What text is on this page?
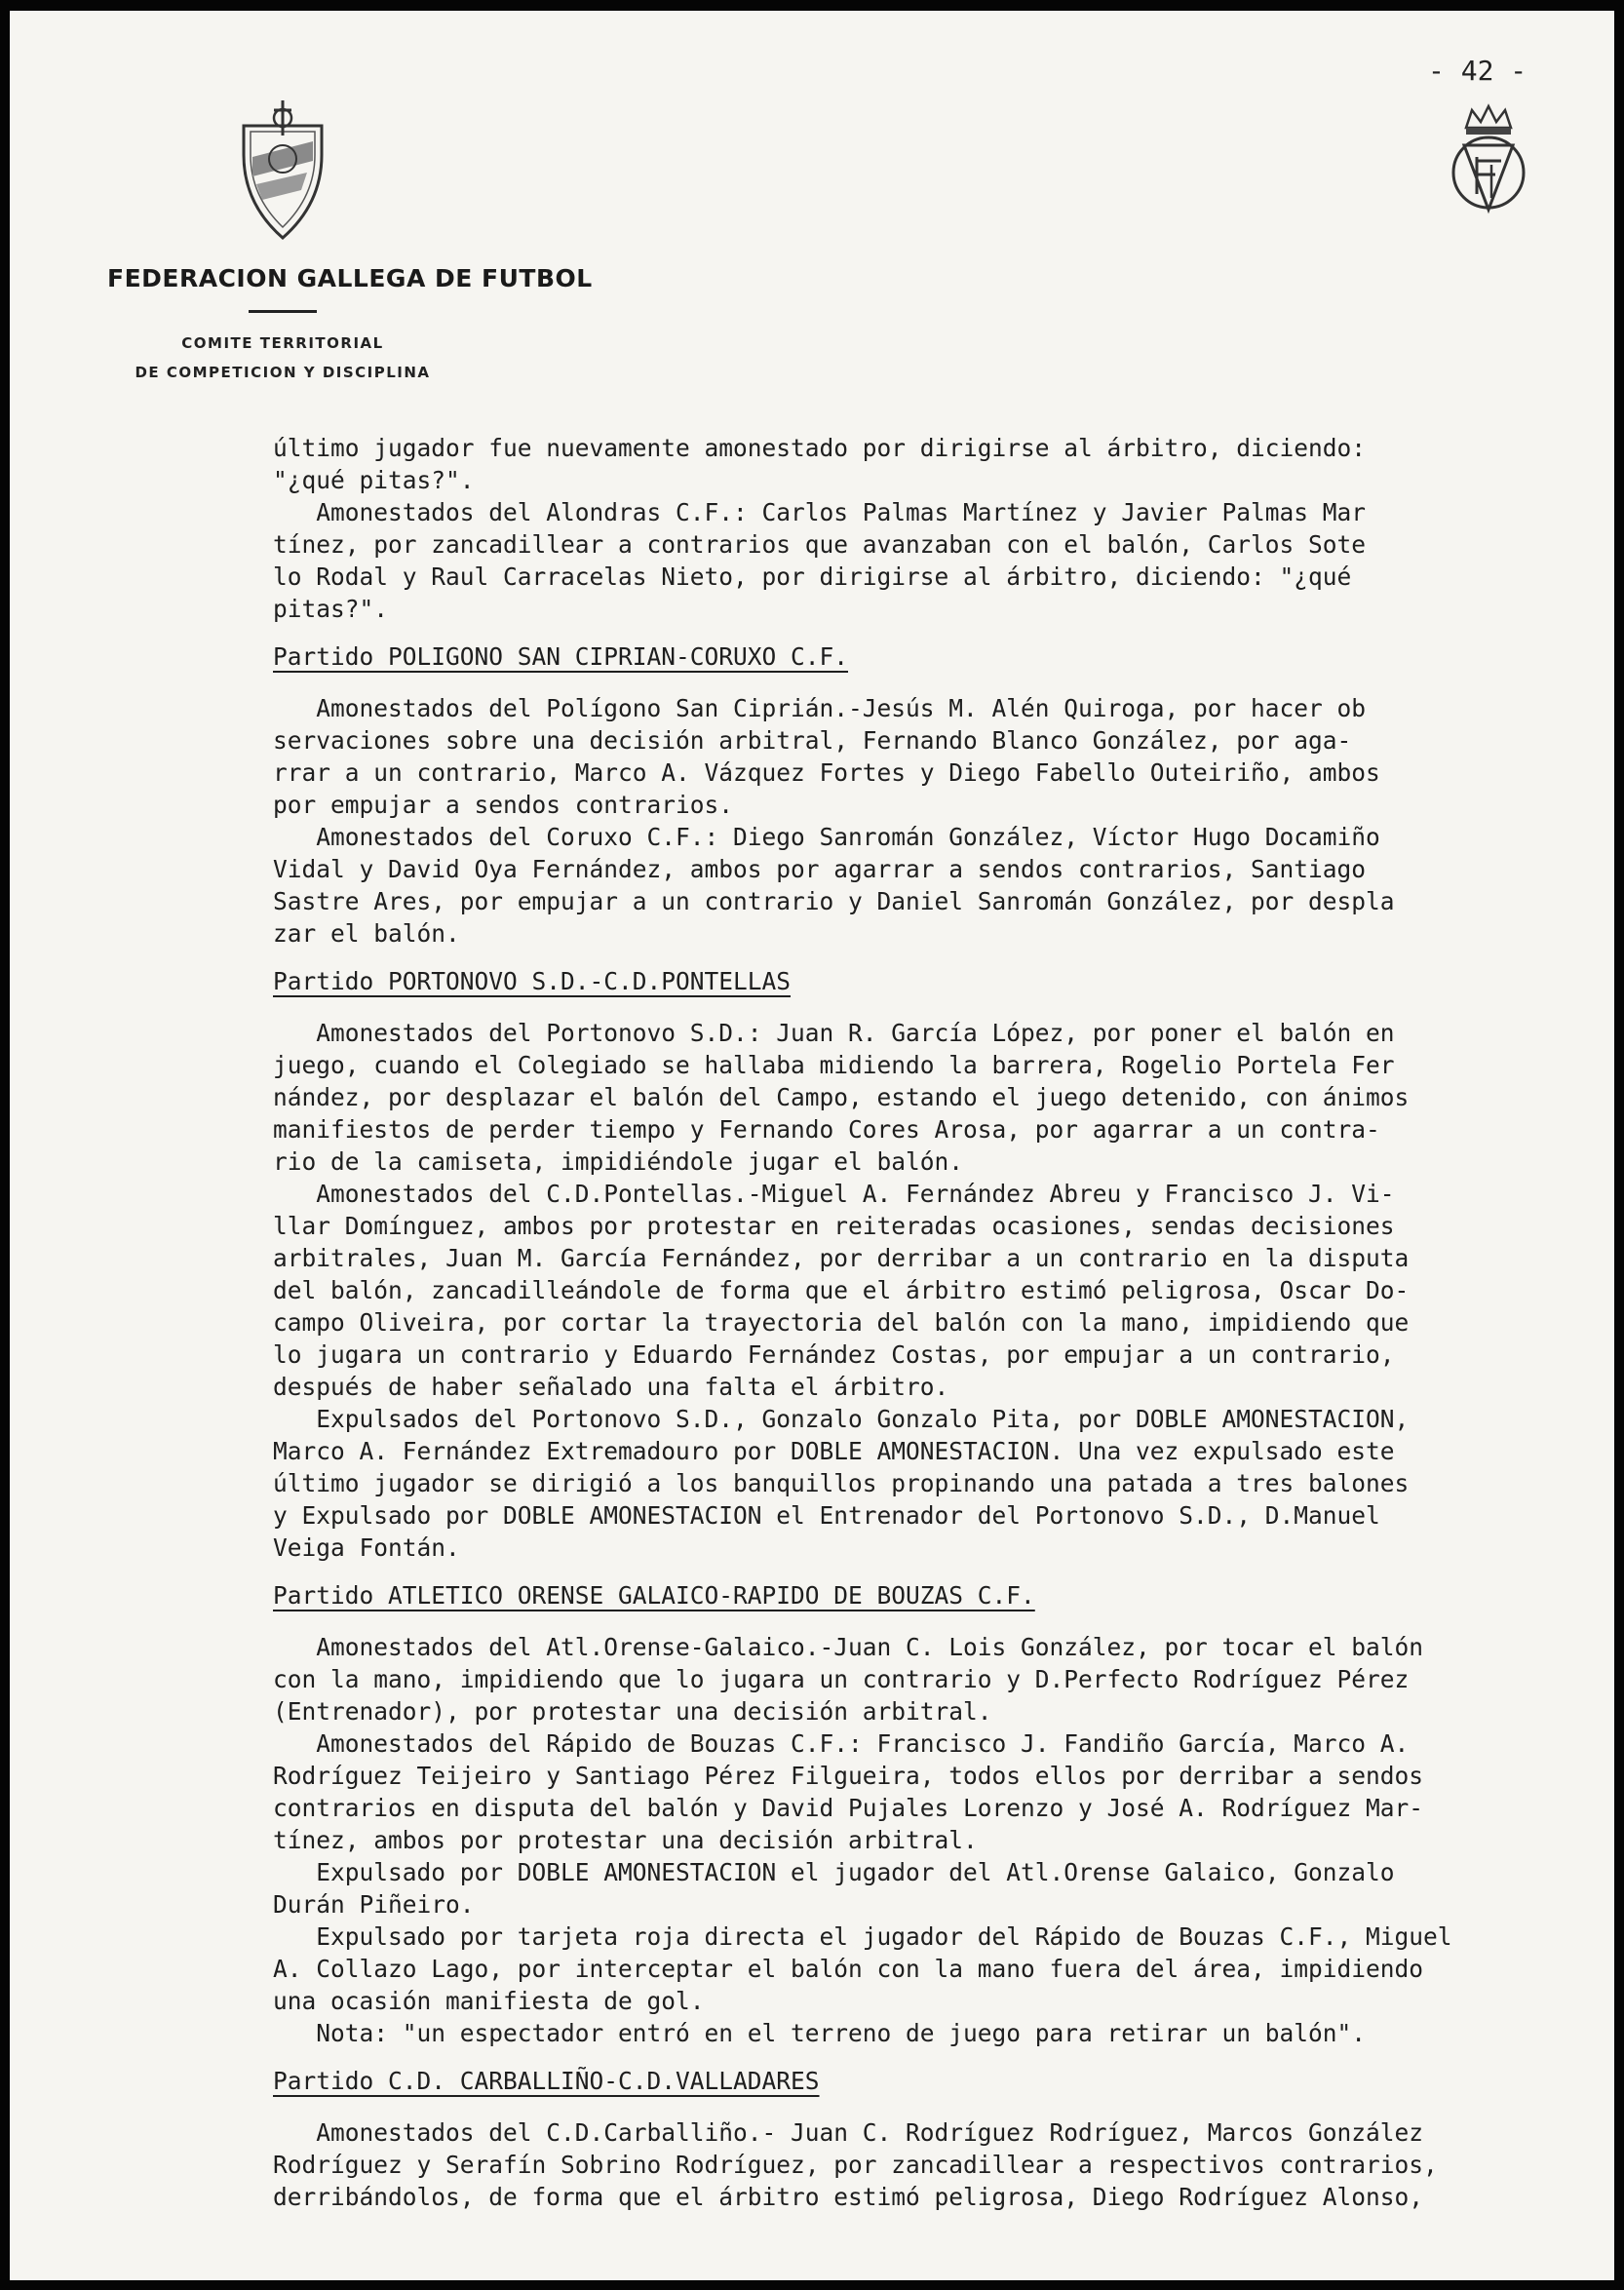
FEDERACION GALLEGA DE FUTBOL
COMITE TERRITORIAL
DE COMPETICION Y DISCIPLINA
- 42 -

último jugador fue nuevamente amonestado por dirigirse al árbitro, diciendo:

"¿qué pitas?".

Amonestados del Alondras C.F.: Carlos Palmas Martínez y Javier Palmas Mar

tínez, por zancadillear a contrarios que avanzaban con el balón, Carlos Sote

lo Rodal y Raul Carracelas Nieto, por dirigirse al árbitro, diciendo: "¿qué

pitas?".

Partido POLIGONO SAN CIPRIAN-CORUXO C.F.

Amonestados del Polígono San Ciprián.-Jesús M. Alén Quiroga, por hacer ob

servaciones sobre una decisión arbitral, Fernando Blanco González, por aga-

rrar a un contrario, Marco A. Vázquez Fortes y Diego Fabello Outeiriño, ambos

por empujar a sendos contrarios.

Amonestados del Coruxo C.F.: Diego Sanromán González, Víctor Hugo Docamiño

Vidal y David Oya Fernández, ambos por agarrar a sendos contrarios, Santiago

Sastre Ares, por empujar a un contrario y Daniel Sanromán González, por despla

zar el balón.

Partido PORTONOVO S.D.-C.D.PONTELLAS

Amonestados del Portonovo S.D.: Juan R. García López, por poner el balón en

juego, cuando el Colegiado se hallaba midiendo la barrera, Rogelio Portela Fer

nández, por desplazar el balón del Campo, estando el juego detenido, con ánimos

manifiestos de perder tiempo y Fernando Cores Arosa, por agarrar a un contra-

rio de la camiseta, impidiéndole jugar el balón.

Amonestados del C.D.Pontellas.-Miguel A. Fernández Abreu y Francisco J. Vi-

llar Domínguez, ambos por protestar en reiteradas ocasiones, sendas decisiones

arbitrales, Juan M. García Fernández, por derribar a un contrario en la disputa

del balón, zancadilleándole de forma que el árbitro estimó peligrosa, Oscar Do-

campo Oliveira, por cortar la trayectoria del balón con la mano, impidiendo que

lo jugara un contrario y Eduardo Fernández Costas, por empujar a un contrario,

después de haber señalado una falta el árbitro.

Expulsados del Portonovo S.D., Gonzalo Gonzalo Pita, por DOBLE AMONESTACION,

Marco A. Fernández Extremadouro por DOBLE AMONESTACION. Una vez expulsado este

último jugador se dirigió a los banquillos propinando una patada a tres balones

y Expulsado por DOBLE AMONESTACION el Entrenador del Portonovo S.D., D.Manuel

Veiga Fontán.

Partido ATLETICO ORENSE GALAICO-RAPIDO DE BOUZAS C.F.

Amonestados del Atl.Orense-Galaico.-Juan C. Lois González, por tocar el balón

con la mano, impidiendo que lo jugara un contrario y D.Perfecto Rodríguez Pérez

(Entrenador), por protestar una decisión arbitral.

Amonestados del Rápido de Bouzas C.F.: Francisco J. Fandiño García, Marco A.

Rodríguez Teijeiro y Santiago Pérez Filgueira, todos ellos por derribar a sendos

contrarios en disputa del balón y David Pujales Lorenzo y José A. Rodríguez Mar-

tínez, ambos por protestar una decisión arbitral.

Expulsado por DOBLE AMONESTACION el jugador del Atl.Orense Galaico, Gonzalo

Durán Piñeiro.

Expulsado por tarjeta roja directa el jugador del Rápido de Bouzas C.F., Miguel

A. Collazo Lago, por interceptar el balón con la mano fuera del área, impidiendo

una ocasión manifiesta de gol.

Nota: "un espectador entró en el terreno de juego para retirar un balón".

Partido C.D. CARBALLIÑO-C.D.VALLADARES

Amonestados del C.D.Carballiño.- Juan C. Rodríguez Rodríguez, Marcos González

Rodríguez y Serafín Sobrino Rodríguez, por zancadillear a respectivos contrarios,

derribándolos, de forma que el árbitro estimó peligrosa, Diego Rodríguez Alonso,
